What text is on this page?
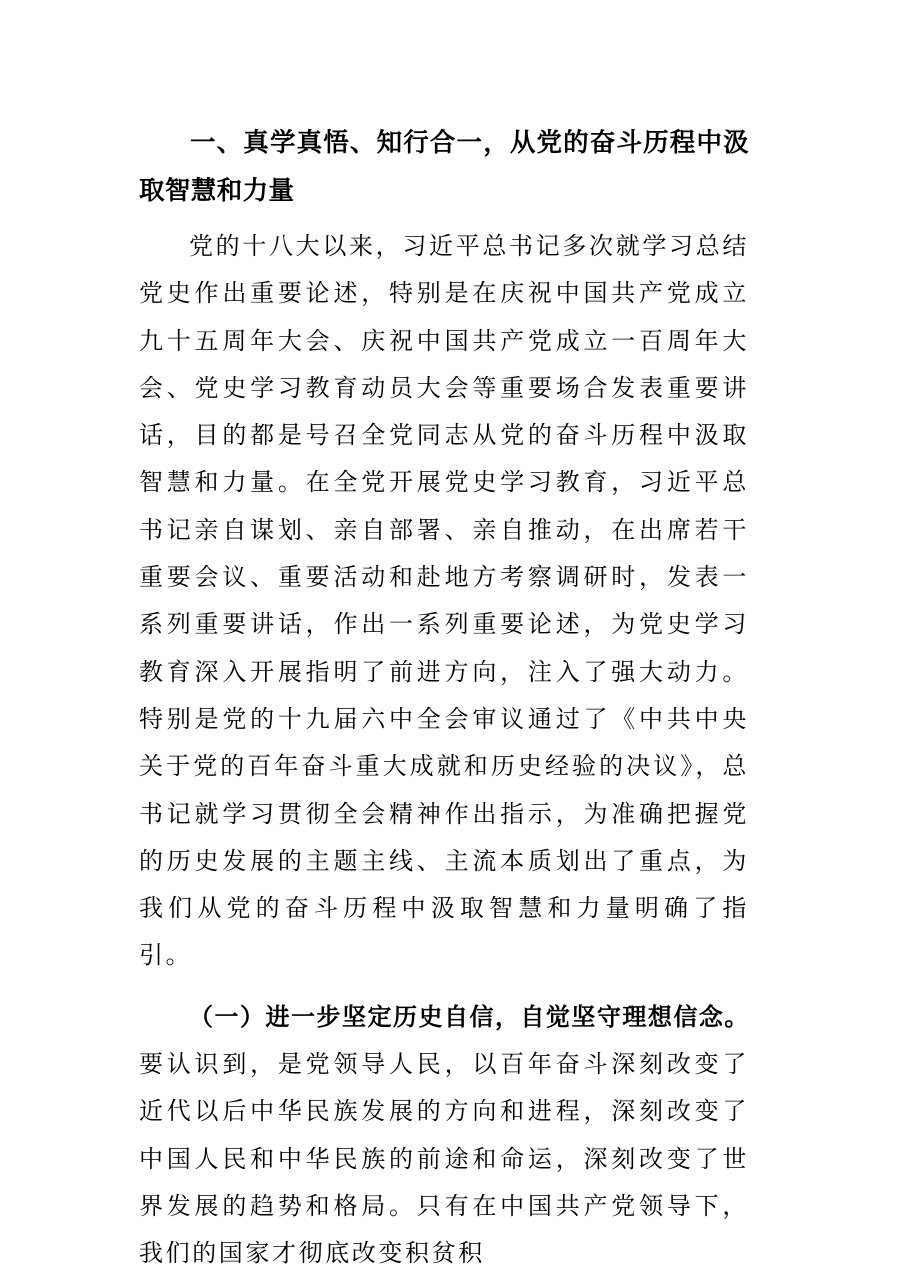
一、真学真悟、知行合一，从党的奋斗历程中汲取智慧和力量

党的十八大以来，习近平总书记多次就学习总结党史作出重要论述，特别是在庆祝中国共产党成立九十五周年大会、庆祝中国共产党成立一百周年大会、党史学习教育动员大会等重要场合发表重要讲话，目的都是号召全党同志从党的奋斗历程中汲取智慧和力量。在全党开展党史学习教育，习近平总书记亲自谋划、亲自部署、亲自推动，在出席若干重要会议、重要活动和赴地方考察调研时，发表一系列重要讲话，作出一系列重要论述，为党史学习教育深入开展指明了前进方向，注入了强大动力。特别是党的十九届六中全会审议通过了《中共中央关于党的百年奋斗重大成就和历史经验的决议》，总书记就学习贯彻全会精神作出指示，为准确把握党的历史发展的主题主线、主流本质划出了重点，为我们从党的奋斗历程中汲取智慧和力量明确了指引。

（一）进一步坚定历史自信，自觉坚守理想信念。要认识到，是党领导人民，以百年奋斗深刻改变了近代以后中华民族发展的方向和进程，深刻改变了中国人民和中华民族的前途和命运，深刻改变了世界发展的趋势和格局。只有在中国共产党领导下，我们的国家才彻底改变积贫积
